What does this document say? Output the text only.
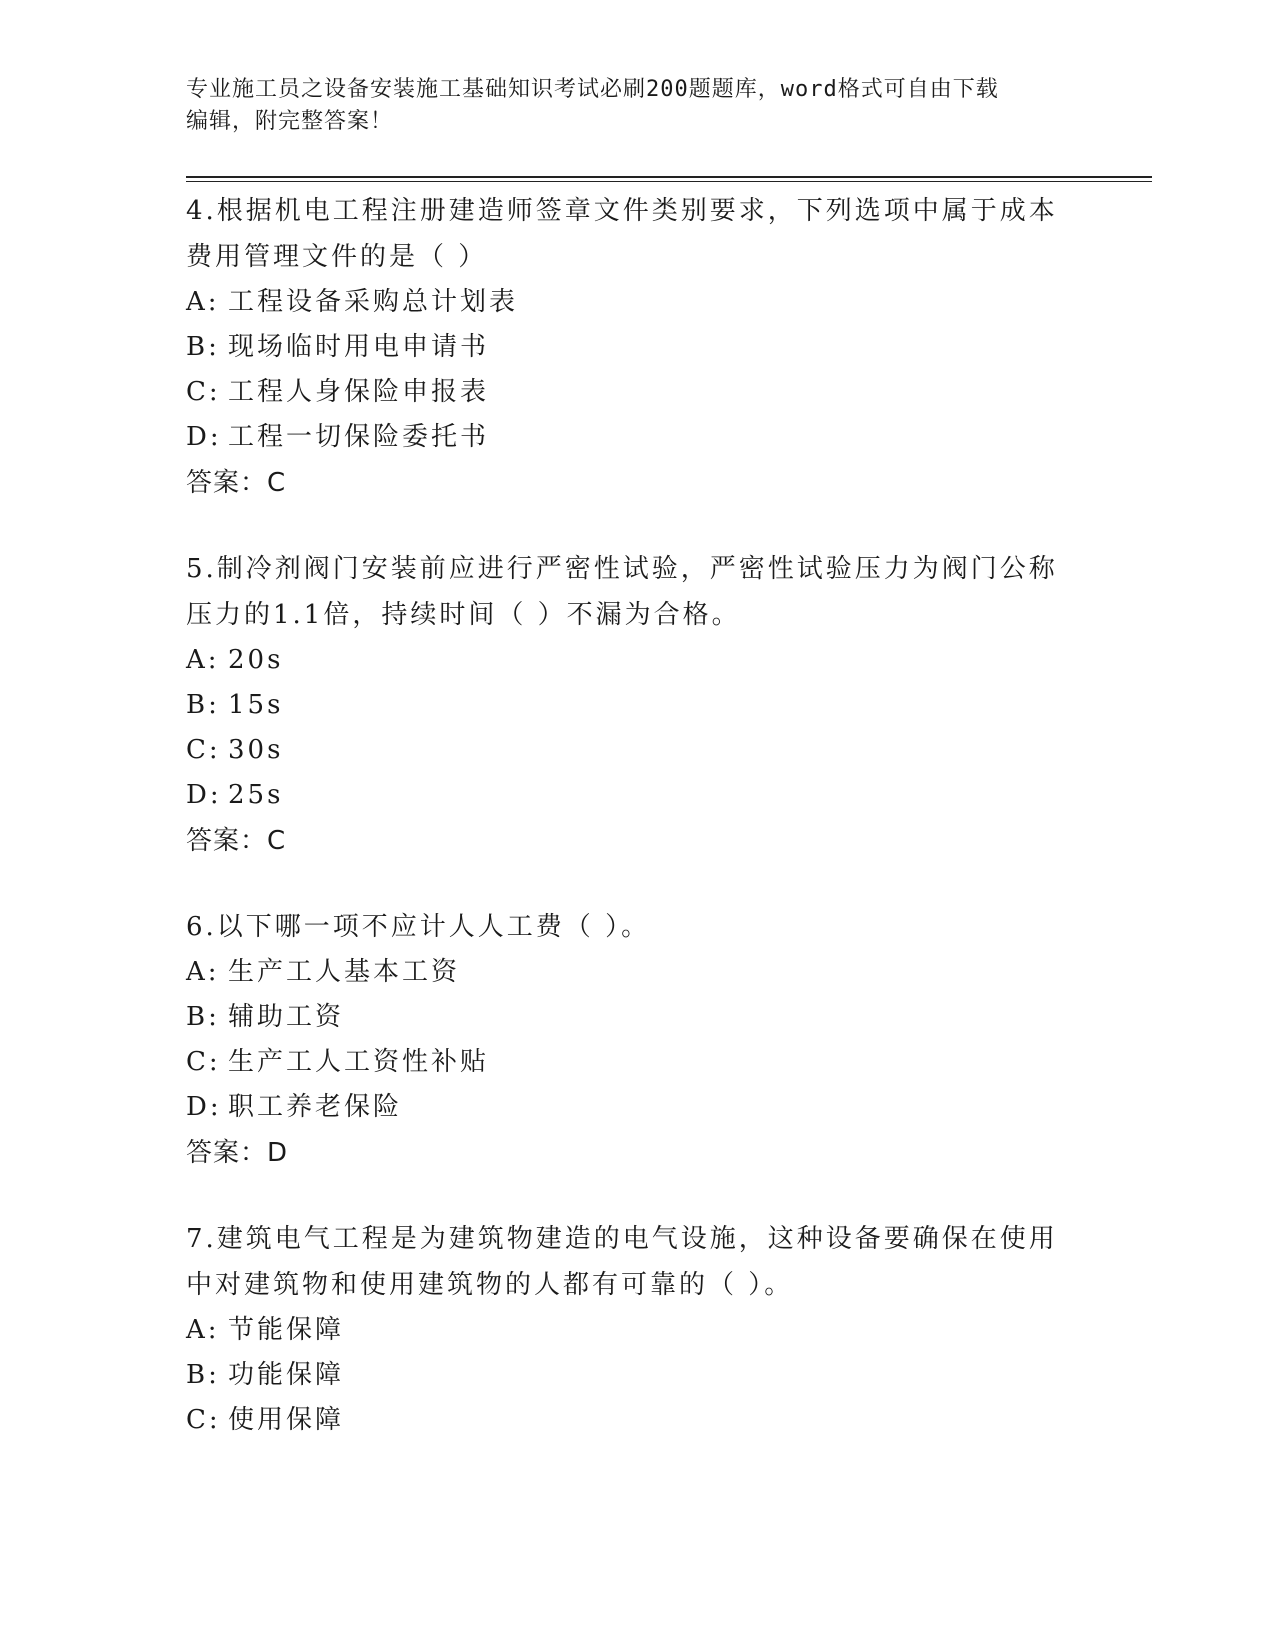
专业施工员之设备安装施工基础知识考试必刷200题题库，word格式可自由下载
编辑，附完整答案！

4.根据机电工程注册建造师签章文件类别要求，下列选项中属于成本

费用管理文件的是（ ）

A: 工程设备采购总计划表
B: 现场临时用电申请书
C: 工程人身保险申报表
D: 工程一切保险委托书

答案：C

5.制冷剂阀门安装前应进行严密性试验，严密性试验压力为阀门公称

压力的1.1倍，持续时间（ ）不漏为合格。

A: 20s
B: 15s
C: 30s
D: 25s

答案：C

6.以下哪一项不应计人人工费（ ）。

A: 生产工人基本工资
B: 辅助工资
C: 生产工人工资性补贴
D: 职工养老保险

答案：D

7.建筑电气工程是为建筑物建造的电气设施，这种设备要确保在使用

中对建筑物和使用建筑物的人都有可靠的（ ）。

A: 节能保障
B: 功能保障
C: 使用保障
